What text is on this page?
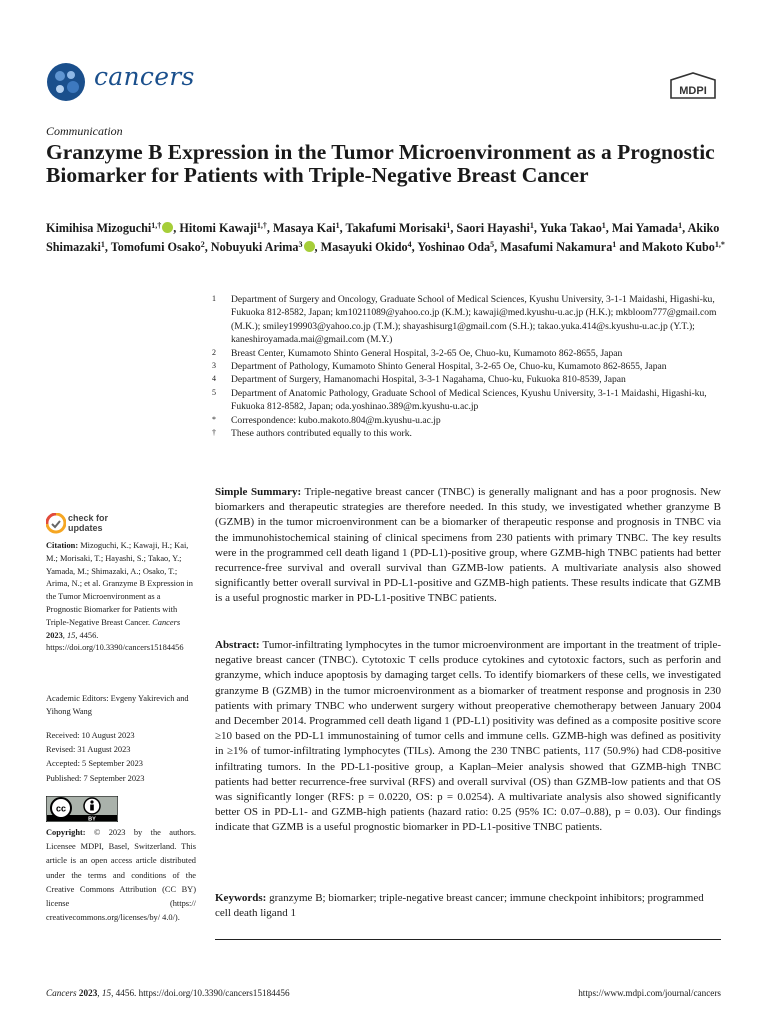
cancers	MDPI
Communication
Granzyme B Expression in the Tumor Microenvironment as a Prognostic Biomarker for Patients with Triple-Negative Breast Cancer
Kimihisa Mizoguchi$^{1,\dagger}$ , Hitomi Kawaji$^{1,\dagger}$, Masaya Kai$^1$, Takafumi Morisaki$^1$, Saori Hayashi$^1$, Yuka Takao$^1$, Mai Yamada$^1$, Akiko Shimazaki$^1$, Tomofumi Osako$^2$, Nobuyuki Arima$^3$ , Masayuki Okido$^4$, Yoshinao Oda$^5$, Masafumi Nakamura$^1$ and Makoto Kubo$^{1,*}$
1 Department of Surgery and Oncology, Graduate School of Medical Sciences, Kyushu University, 3-1-1 Maidashi, Higashi-ku, Fukuoka 812-8582, Japan; km10211089@yahoo.co.jp (K.M.); kawaji@med.kyushu-u.ac.jp (H.K.); mkbloom777@gmail.com (M.K.); smiley199903@yahoo.co.jp (T.M.); shayashisurg1@gmail.com (S.H.); takao.yuka.414@s.kyushu-u.ac.jp (Y.T.); kaneshiroyamada.mai@gmail.com (M.Y.)
2 Breast Center, Kumamoto Shinto General Hospital, 3-2-65 Oe, Chuo-ku, Kumamoto 862-8655, Japan
3 Department of Pathology, Kumamoto Shinto General Hospital, 3-2-65 Oe, Chuo-ku, Kumamoto 862-8655, Japan
4 Department of Surgery, Hamanomachi Hospital, 3-3-1 Nagahama, Chuo-ku, Fukuoka 810-8539, Japan
5 Department of Anatomic Pathology, Graduate School of Medical Sciences, Kyushu University, 3-1-1 Maidashi, Higashi-ku, Fukuoka 812-8582, Japan; oda.yoshinao.389@m.kyushu-u.ac.jp
* Correspondence: kubo.makoto.804@m.kyushu-u.ac.jp
† These authors contributed equally to this work.
check for
updates
Citation: Mizoguchi, K.; Kawaji, H.; Kai, M.; Morisaki, T.; Hayashi, S.; Takao, Y.; Yamada, M.; Shimazaki, A.; Osako, T.; Arima, N.; et al. Granzyme B Expression in the Tumor Microenvironment as a Prognostic Biomarker for Patients with Triple-Negative Breast Cancer. Cancers 2023, 15, 4456. https://doi.org/10.3390/cancers15184456
Academic Editors: Evgeny Yakirevich and Yihong Wang
Received: 10 August 2023
Revised: 31 August 2023
Accepted: 5 September 2023
Published: 7 September 2023
cc
BY
Copyright: © 2023 by the authors. Licensee MDPI, Basel, Switzerland. This article is an open access article distributed under the terms and conditions of the Creative Commons Attribution (CC BY) license (https:// creativecommons.org/licenses/by/ 4.0/).
Simple Summary: Triple-negative breast cancer (TNBC) is generally malignant and has a poor prognosis. New biomarkers and therapeutic strategies are therefore needed. In this study, we investigated whether granzyme B (GZMB) in the tumor microenvironment can be a biomarker of therapeutic response and prognosis in TNBC via the immunohistochemical staining of clinical specimens from 230 patients with primary TNBC. The key results were in the programmed cell death ligand 1 (PD-L1)-positive group, where GZMB-high TNBC patients had better recurrence-free survival and overall survival than GZMB-low patients. A multivariate analysis also showed significantly better overall survival in PD-L1-positive and GZMB-high patients. These results indicate that GZMB is a useful prognostic marker in PD-L1-positive TNBC patients.
Abstract: Tumor-infiltrating lymphocytes in the tumor microenvironment are important in the treatment of triple-negative breast cancer (TNBC). Cytotoxic T cells produce cytokines and cytotoxic factors, such as perforin and granzyme, which induce apoptosis by damaging target cells. To identify biomarkers of these cells, we investigated granzyme B (GZMB) in the tumor microenvironment as a biomarker of treatment response and prognosis in 230 patients with primary TNBC who underwent surgery without preoperative chemotherapy between January 2004 and December 2014. Programmed cell death ligand 1 (PD-L1) positivity was defined as a composite positive score ≥10 based on the PD-L1 immunostaining of tumor cells and immune cells. GZMB-high was defined as positivity in ≥1% of tumor-infiltrating lymphocytes (TILs). Among the 230 TNBC patients, 117 (50.9%) had CD8-positive infiltrating tumors. In the PD-L1-positive group, a Kaplan–Meier analysis showed that GZMB-high TNBC patients had better recurrence-free survival (RFS) and overall survival (OS) than GZMB-low patients and that OS was significantly longer (RFS: p = 0.0220, OS: p = 0.0254). A multivariate analysis also showed significantly better OS in PD-L1- and GZMB-high patients (hazard ratio: 0.25 (95% IC: 0.07–0.88), p = 0.03). Our findings indicate that GZMB is a useful prognostic biomarker in PD-L1-positive TNBC patients.
Keywords: granzyme B; biomarker; triple-negative breast cancer; immune checkpoint inhibitors; programmed cell death ligand 1
Cancers 2023, 15, 4456. https://doi.org/10.3390/cancers15184456	https://www.mdpi.com/journal/cancers
